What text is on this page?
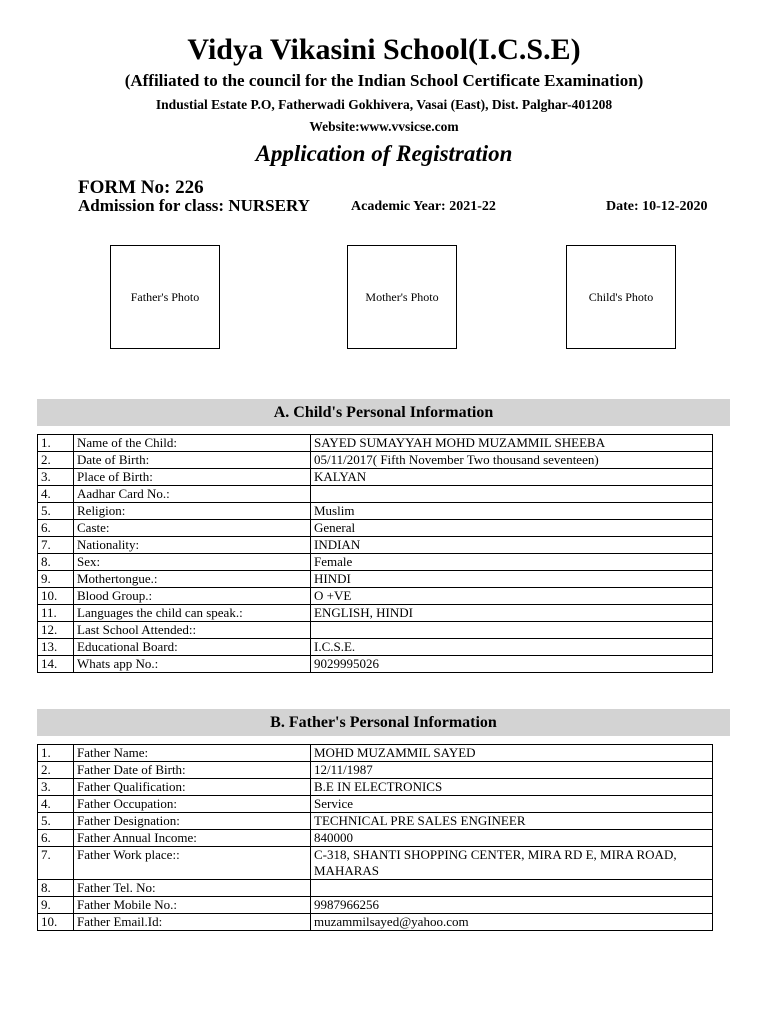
Vidya Vikasini School(I.C.S.E)
(Affiliated to the council for the Indian School Certificate Examination)
Industial Estate P.O, Fatherwadi Gokhivera, Vasai (East), Dist. Palghar-401208
Website:www.vvsicse.com
Application of Registration
FORM No: 226
Admission for class: NURSERY	Academic Year: 2021-22	Date: 10-12-2020
Father's Photo	Mother's Photo	Child's Photo
A. Child's Personal Information
1.	Name of the Child:	SAYED SUMAYYAH MOHD MUZAMMIL SHEEBA
2.	Date of Birth:	05/11/2017( Fifth November Two thousand seventeen)
3.	Place of Birth:	KALYAN
4.	Aadhar Card No.:	
5.	Religion:	Muslim
6.	Caste:	General
7.	Nationality:	INDIAN
8.	Sex:	Female
9.	Mothertongue.:	HINDI
10.	Blood Group.:	O +VE
11.	Languages the child can speak.:	ENGLISH, HINDI
12.	Last School Attended::	
13.	Educational Board:	I.C.S.E.
14.	Whats app No.:	9029995026
B. Father's Personal Information
1.	Father Name:	MOHD MUZAMMIL SAYED
2.	Father Date of Birth:	12/11/1987
3.	Father Qualification:	B.E IN ELECTRONICS
4.	Father Occupation:	Service
5.	Father Designation:	TECHNICAL PRE SALES ENGINEER
6.	Father Annual Income:	840000
7.	Father Work place::	C-318, SHANTI SHOPPING CENTER, MIRA RD E, MIRA ROAD, MAHARAS
8.	Father Tel. No:	
9.	Father Mobile No.:	9987966256
10.	Father Email.Id:	muzammilsayed@yahoo.com
